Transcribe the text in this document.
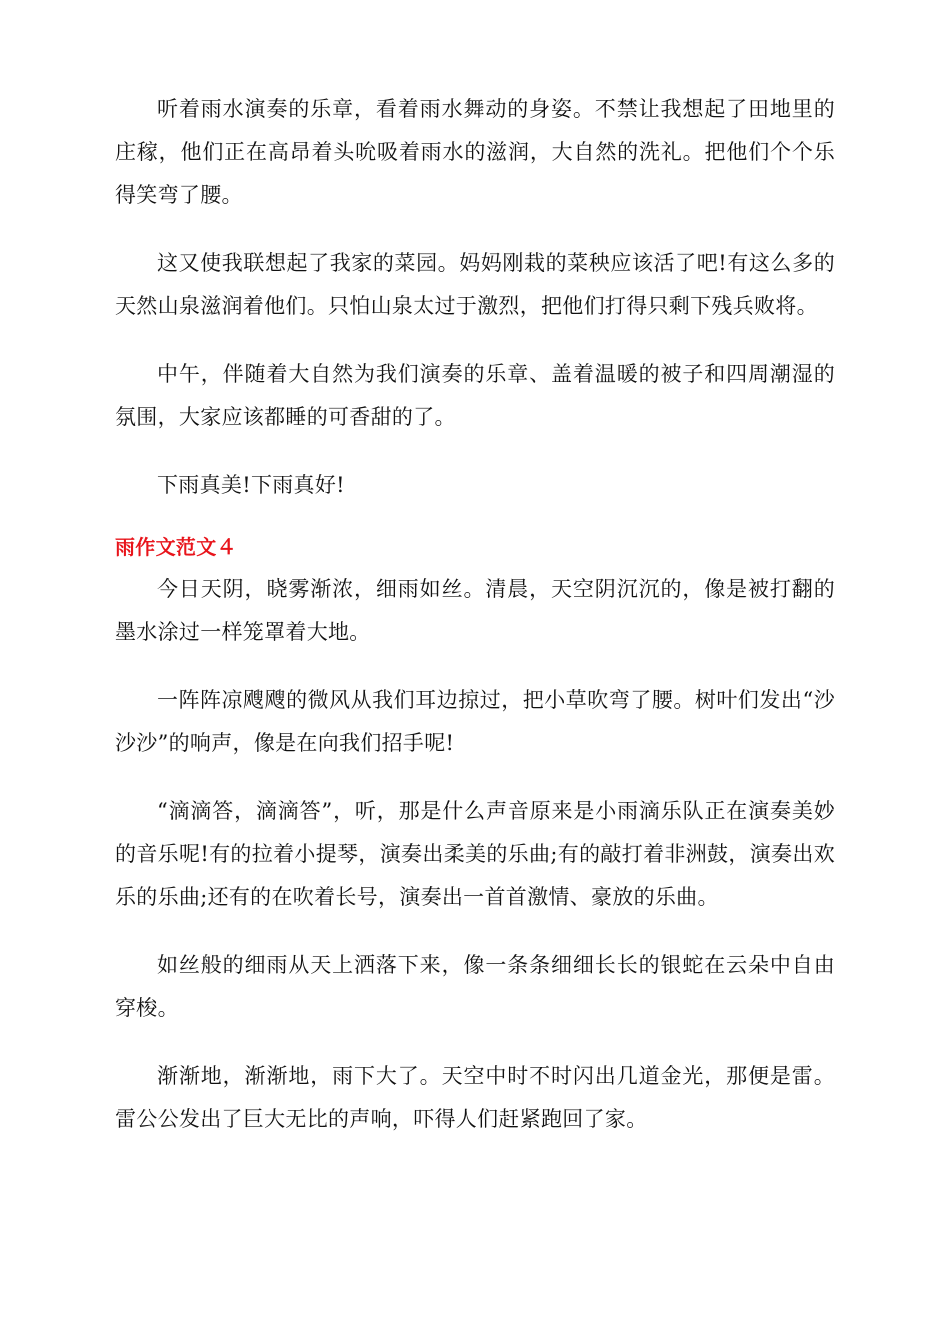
听着雨水演奏的乐章，看着雨水舞动的身姿。不禁让我想起了田地里的庄稼，他们正在高昂着头吮吸着雨水的滋润，大自然的洗礼。把他们个个乐得笑弯了腰。

这又使我联想起了我家的菜园。妈妈刚栽的菜秧应该活了吧!有这么多的天然山泉滋润着他们。只怕山泉太过于激烈，把他们打得只剩下残兵败将。

中午，伴随着大自然为我们演奏的乐章、盖着温暖的被子和四周潮湿的氛围，大家应该都睡的可香甜的了。

下雨真美!下雨真好!

雨作文范文４

今日天阴，晓雾渐浓，细雨如丝。清晨，天空阴沉沉的，像是被打翻的墨水涂过一样笼罩着大地。

一阵阵凉飕飕的微风从我们耳边掠过，把小草吹弯了腰。树叶们发出“沙沙沙”的响声，像是在向我们招手呢!

“滴滴答，滴滴答”，听，那是什么声音原来是小雨滴乐队正在演奏美妙的音乐呢!有的拉着小提琴，演奏出柔美的乐曲;有的敲打着非洲鼓，演奏出欢乐的乐曲;还有的在吹着长号，演奏出一首首激情、豪放的乐曲。

如丝般的细雨从天上洒落下来，像一条条细细长长的银蛇在云朵中自由穿梭。

渐渐地，渐渐地，雨下大了。天空中时不时闪出几道金光，那便是雷。雷公公发出了巨大无比的声响，吓得人们赶紧跑回了家。
